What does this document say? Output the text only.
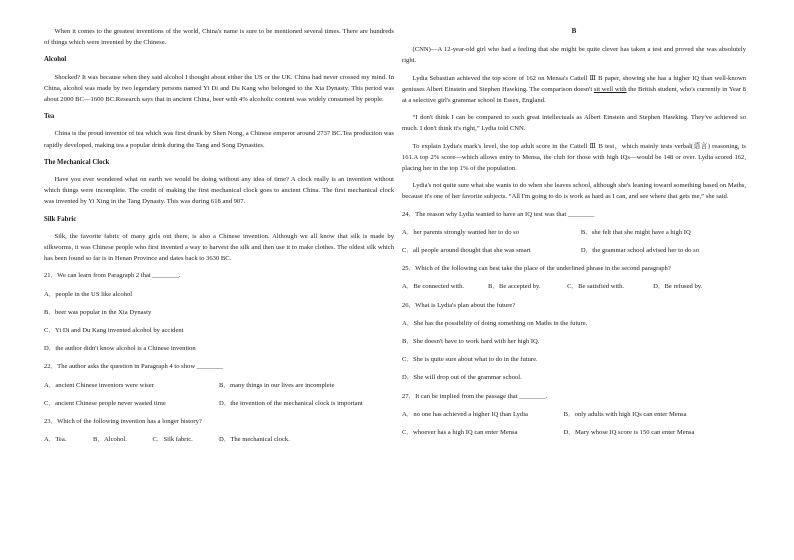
When it comes to the greatest inventions of the world, China's name is sure to be mentioned several times. There are hundreds of things which were invented by the Chinese.

Alcohol

Shocked? It was because when they said alcohol I thought about either the US or the UK. China had never crossed my mind. In China, alcohol was made by two legendary persons named Yi Di and Du Kang who belonged to the Xia Dynasty. This period was about 2000 BC—1600 BC.Research says that in ancient China, beer with 4% alcoholic content was widely consumed by people.

Tea

China is the proud inventor of tea which was first drunk by Shen Nong, a Chinese emperor around 2737 BC.Tea production was rapidly developed, making tea a popular drink during the Tang and Song Dynasties.

The Mechanical Clock

Have you ever wondered what on earth we would be doing without any idea of time? A clock really is an invention without which things were incomplete. The credit of making the first mechanical clock goes to ancient China. The first mechanical clock was invented by Yi Xing in the Tang Dynasty. This was during 618 and 907.

Silk Fabric

Silk, the favorite fabric of many girls out there, is also a Chinese invention. Although we all know that silk is made by silkworms, it was Chinese people who first invented a way to harvest the silk and then use it to make clothes. The oldest silk which has been found so far is in Henan Province and dates back to 3630 BC.

21．We can learn from Paragraph 2 that ________.
A．people in the US like alcohol
B．beer was popular in the Xia Dynasty
C．Yi Di and Du Kang invented alcohol by accident
D．the author didn't know alcohol is a Chinese invention
22．The author asks the question in Paragraph 4 to show ________
A．ancient Chinese inventors were wiser	B．many things in our lives are incomplete
C．ancient Chinese people never wasted time	D．the invention of the mechanical clock is important
23．Which of the following invention has a longer history?
A．Tea.	B．Alcohol.	C．Silk fabric.	D．The mechanical clock.
B

(CNN)—A 12-year-old girl who had a feeling that she might be quite clever has taken a test and proved she was absolutely right.

Lydia Sebastian achieved the top score of 162 on Mensa's Cattell Ⅲ B paper, showing she has a higher IQ than well-known geniuses Albert Einstein and Stephen Hawking. The comparison doesn't sit well with the British student, who's currently in Year 8 at a selective girl's grammar school in Essex, England.

“I don't think I can be compared to such great intellectuals as Albert Einstein and Stephen Hawking. They've achieved so much. I don't think it's right,” Lydia told CNN.

To explain Lydia's mark's level, the top adult score in the Cattell Ⅲ B test，which mainly tests verbal(语言) reasoning, is 161.A top 2% score—which allows entry to Mensa, the club for those with high IQs—would be 148 or over. Lydia scored 162, placing her in the top 1% of the population.

Lydia's not quite sure what she wants to do when she leaves school, although she's leaning toward something based on Maths, because it's one of her favorite subjects. “All I'm going to do is work as hard as I can, and see where that gets me,” she said.

24．The reason why Lydia wanted to have an IQ test was that ________
A．her parents strongly wanted her to do so	B．she felt that she might have a high IQ
C．all people around thought that she was smart	D．the grammar school advised her to do so
25．Which of the following can best take the place of the underlined phrase in the second paragraph?
A．Be connected with.	B．Be accepted by.	C．Be satisfied with.	D．Be refused by.
26．What is Lydia's plan about the future?
A．She has the possibility of doing something on Maths in the future.
B．She doesn't have to work hard with her high IQ.
C．She is quite sure about what to do in the future.
D．She will drop out of the grammar school.
27．It can be implied from the passage that ________.
A．no one has achieved a higher IQ than Lydia	B．only adults with high IQs can enter Mensa
C．whoever has a high IQ can enter Mensa	D．Mary whose IQ score is 150 can enter Mensa
